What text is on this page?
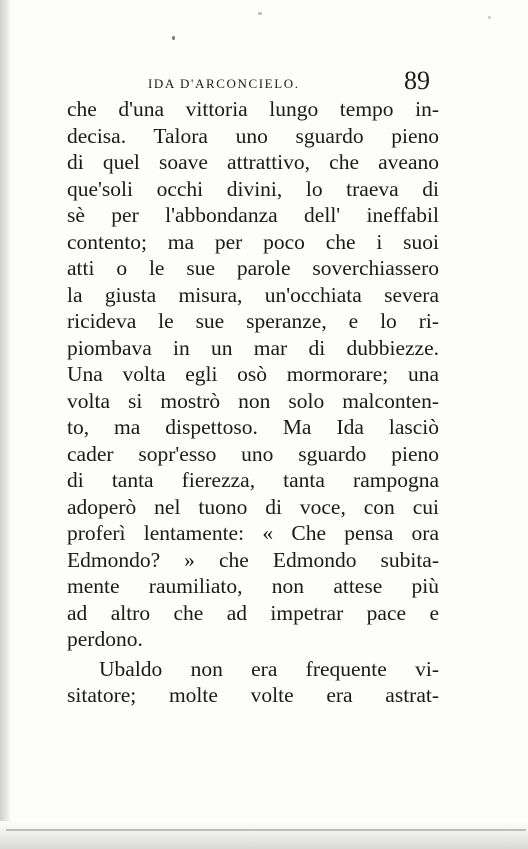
IDA D'ARCONCIELO.	89
che d'una vittoria lungo tempo in-
decisa. Talora uno sguardo pieno
di quel soave attrattivo, che aveano
que'soli occhi divini, lo traeva di
sè per l'abbondanza dell' ineffabil
contento; ma per poco che i suoi
atti o le sue parole soverchiassero
la giusta misura, un'occhiata severa
ricideva le sue speranze, e lo ri-
piombava in un mar di dubbiezze.
Una volta egli osò mormorare; una
volta si mostrò non solo malconten-
to, ma dispettoso. Ma Ida lasciò
cader sopr'esso uno sguardo pieno
di tanta fierezza, tanta rampogna
adoperò nel tuono di voce, con cui
proferì lentamente: « Che pensa ora
Edmondo? » che Edmondo subita-
mente raumiliato, non attese più
ad altro che ad impetrar pace e
perdono.
Ubaldo non era frequente vi-
sitatore; molte volte era astrat-
